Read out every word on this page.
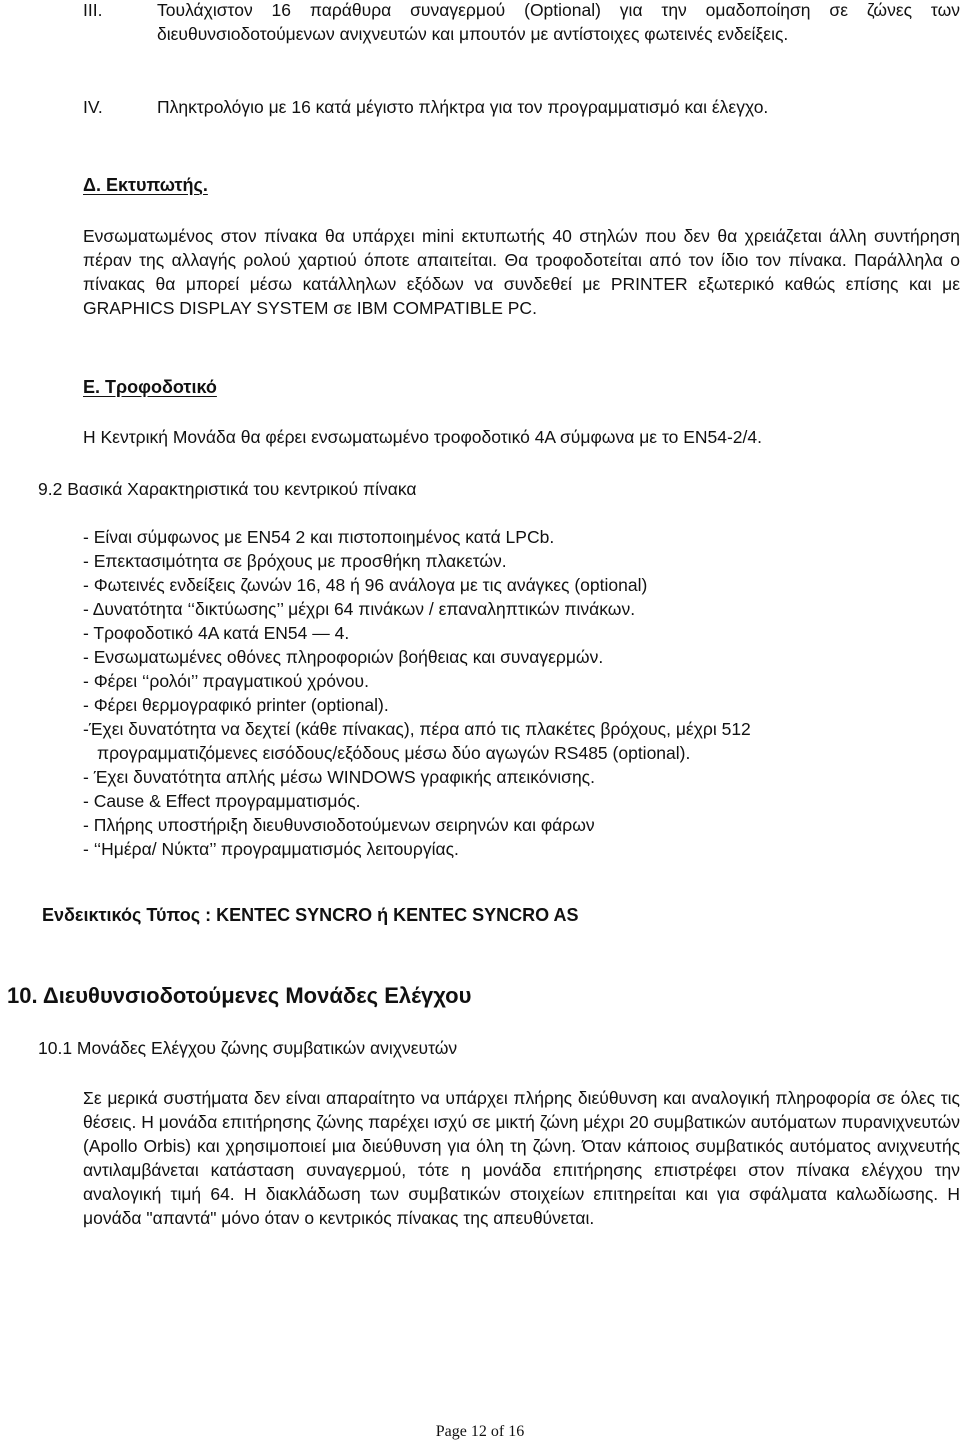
III.	Τουλάχιστον 16 παράθυρα συναγερμού (Optional) για την ομαδοποίηση σε ζώνες των διευθυνσιοδοτούμενων ανιχνευτών και μπουτόν με αντίστοιχες φωτεινές ενδείξεις.
IV.	Πληκτρολόγιο με 16 κατά μέγιστο πλήκτρα για τον προγραμματισμό και έλεγχο.
Δ. Εκτυπωτής.
Ενσωματωμένος στον πίνακα θα υπάρχει mini εκτυπωτής 40 στηλών που δεν θα χρειάζεται άλλη συντήρηση πέραν της αλλαγής ρολού χαρτιού όποτε απαιτείται. Θα τροφοδοτείται από τον ίδιο τον πίνακα. Παράλληλα ο πίνακας θα μπορεί μέσω κατάλληλων εξόδων να συνδεθεί με PRINTER εξωτερικό καθώς επίσης και με GRAPHICS DISPLAY SYSTEM σε IBM COMPATIBLE PC.
Ε. Τροφοδοτικό
Η Κεντρική Μονάδα θα φέρει ενσωματωμένο τροφοδοτικό 4Α σύμφωνα με το ΕΝ54-2/4.
9.2 Βασικά Χαρακτηριστικά του κεντρικού πίνακα
- Είναι σύμφωνος με ΕΝ54 2 και πιστοποιημένος κατά LPCb.
- Επεκτασιμότητα σε βρόχους με προσθήκη πλακετών.
- Φωτεινές ενδείξεις ζωνών 16, 48 ή 96 ανάλογα με τις ανάγκες (optional)
- Δυνατότητα ‘‘δικτύωσης’’ μέχρι 64 πινάκων / επαναληπτικών πινάκων.
- Τροφοδοτικό 4Α κατά ΕΝ54 — 4.
- Ενσωματωμένες οθόνες πληροφοριών βοήθειας και συναγερμών.
- Φέρει ‘‘ρολόι’’ πραγματικού χρόνου.
- Φέρει θερμογραφικό printer (optional).
-Έχει δυνατότητα να δεχτεί (κάθε πίνακας), πέρα από τις πλακέτες βρόχους, μέχρι 512
προγραμματιζόμενες εισόδους/εξόδους μέσω δύο αγωγών RS485 (optional).
- Έχει δυνατότητα απλής μέσω WINDOWS γραφικής απεικόνισης.
- Cause & Effect προγραμματισμός.
- Πλήρης υποστήριξη διευθυνσιοδοτούμενων σειρηνών και φάρων
- ‘‘Ημέρα/ Νύκτα’’ προγραμματισμός λειτουργίας.
Ενδεικτικός Τύπος : KENTEC SYNCRO ή KENTEC SYNCRO AS
10. Διευθυνσιοδοτούμενες Μονάδες Ελέγχου
10.1 Μονάδες Ελέγχου ζώνης συμβατικών ανιχνευτών
Σε μερικά συστήματα δεν είναι απαραίτητο να υπάρχει πλήρης διεύθυνση και αναλογική πληροφορία σε όλες τις θέσεις. Η μονάδα επιτήρησης ζώνης παρέχει ισχύ σε μικτή ζώνη μέχρι 20 συμβατικών αυτόματων πυρανιχνευτών (Apollo Orbis) και χρησιμοποιεί μια διεύθυνση για όλη τη ζώνη. Όταν κάποιος συμβατικός αυτόματος ανιχνευτής αντιλαμβάνεται κατάσταση συναγερμού, τότε η μονάδα επιτήρησης επιστρέφει στον πίνακα ελέγχου την αναλογική τιμή 64. Η διακλάδωση των συμβατικών στοιχείων επιτηρείται και για σφάλματα καλωδίωσης. Η μονάδα "απαντά" μόνο όταν ο κεντρικός πίνακας της απευθύνεται.
Page 12 of 16
